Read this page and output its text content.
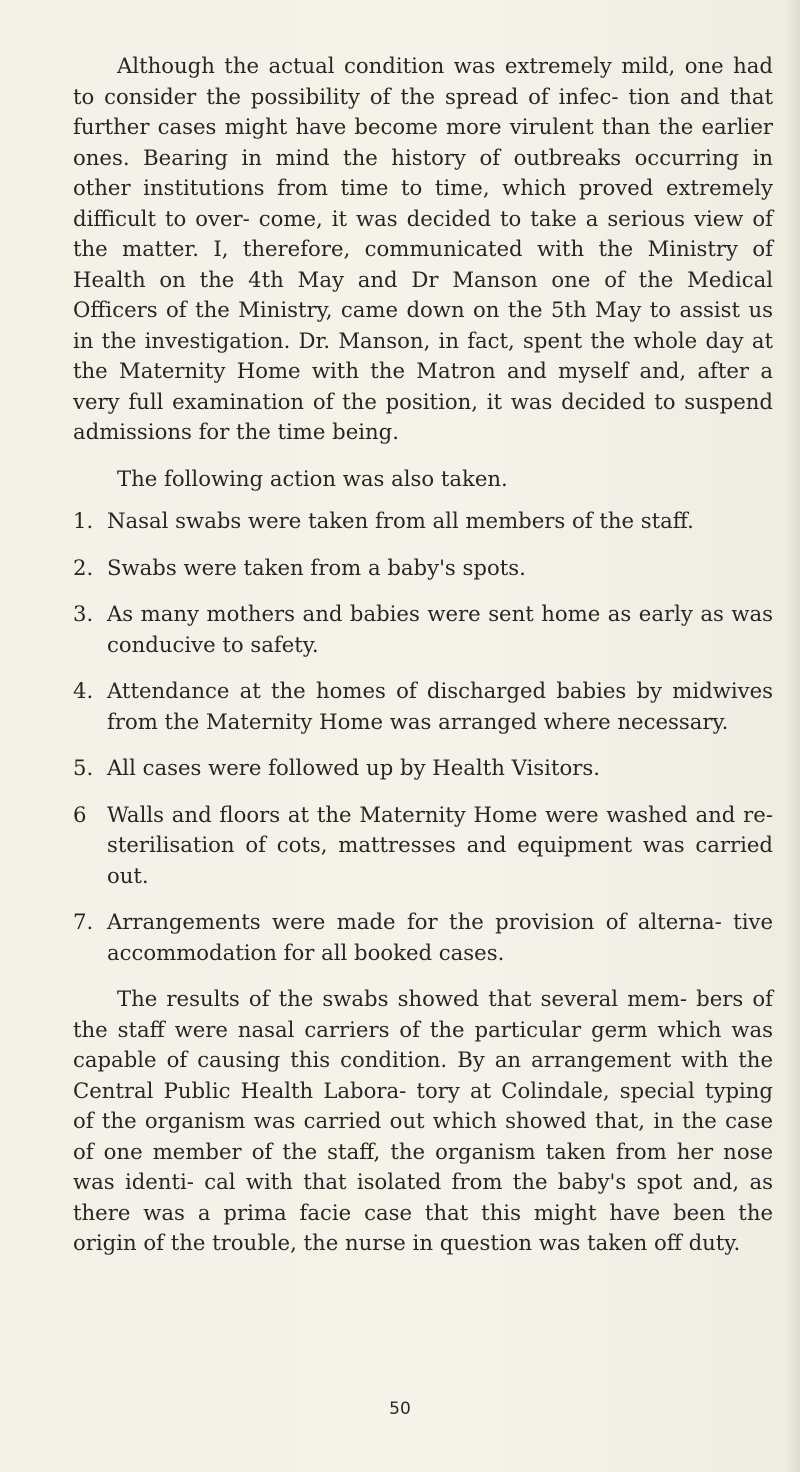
Although the actual condition was extremely mild, one had to consider the possibility of the spread of infec- tion and that further cases might have become more virulent than the earlier ones. Bearing in mind the history of outbreaks occurring in other institutions from time to time, which proved extremely difficult to over- come, it was decided to take a serious view of the matter. I, therefore, communicated with the Ministry of Health on the 4th May and Dr Manson one of the Medical Officers of the Ministry, came down on the 5th May to assist us in the investigation. Dr. Manson, in fact, spent the whole day at the Maternity Home with the Matron and myself and, after a very full examination of the position, it was decided to suspend admissions for the time being.

The following action was also taken.

1. Nasal swabs were taken from all members of the staff.
2. Swabs were taken from a baby's spots.
3. As many mothers and babies were sent home as early as was conducive to safety.
4. Attendance at the homes of discharged babies by midwives from the Maternity Home was arranged where necessary.
5. All cases were followed up by Health Visitors.
6 Walls and floors at the Maternity Home were washed and re-sterilisation of cots, mattresses and equipment was carried out.
7. Arrangements were made for the provision of alterna- tive accommodation for all booked cases.

The results of the swabs showed that several mem- bers of the staff were nasal carriers of the particular germ which was capable of causing this condition. By an arrangement with the Central Public Health Labora- tory at Colindale, special typing of the organism was carried out which showed that, in the case of one member of the staff, the organism taken from her nose was identi- cal with that isolated from the baby's spot and, as there was a prima facie case that this might have been the origin of the trouble, the nurse in question was taken off duty.

50
